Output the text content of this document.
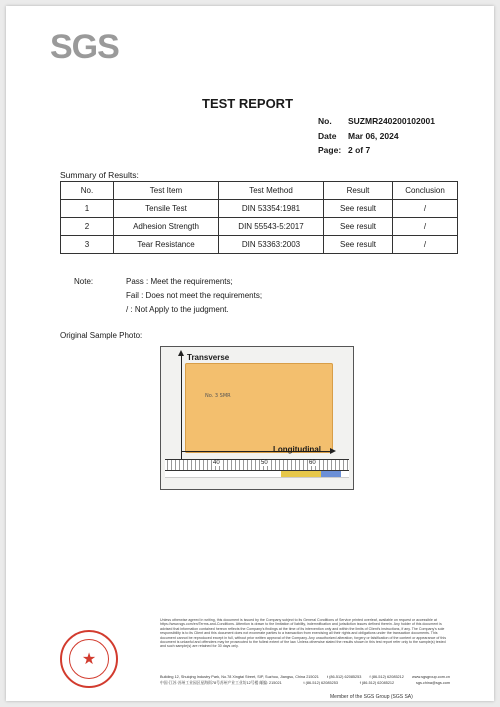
SGS
TEST REPORT
No.	SUZMR240200102001
Date	Mar 06, 2024
Page: 2 of 7
Summary of Results:
No.	Test Item	Test Method	Result	Conclusion
1	Tensile Test	DIN 53354:1981	See result	/
2	Adhesion Strength	DIN 55543-5:2017	See result	/
3	Tear Resistance	DIN 53363:2003	See result	/
Note:	Pass : Meet the requirements;
Fail : Does not meet the requirements;
/ : Not Apply to the judgment.
Original Sample Photo:
No. 3 SMR
Transverse
Longitudinal
40	50	60
★
Unless otherwise agreed in writing, this document is issued by the Company subject to its General Conditions of Service printed overleaf, available on request or accessible at https://www.sgs.com/en/Terms-and-Conditions. Attention is drawn to the limitation of liability, indemnification and jurisdiction issues defined therein. Any holder of this document is advised that information contained hereon reflects the Company's findings at the time of its intervention only and within the limits of Client's instructions, if any. The Company's sole responsibility is to its Client and this document does not exonerate parties to a transaction from exercising all their rights and obligations under the transaction documents. This document cannot be reproduced except in full, without prior written approval of the Company. Any unauthorized alteration, forgery or falsification of the content or appearance of this document is unlawful and offenders may be prosecuted to the fullest extent of the law. Unless otherwise stated the results shown in this test report refer only to the sample(s) tested and such sample(s) are retained for 30 days only.
Building 12, Shuiqing Industry Park, No.78 Xingtai Street, SIP, Suzhou, Jiangsu, China 215021 t (86-512) 62085253 f (86-512) 62085212 www.sgsgroup.com.cn
中国·江苏·苏州工业园区星海街78号苏州产业工业坊12号楼 邮编: 215021	t (86-512) 62085253	f (86-512) 62085212	sgs.china@sgs.com
Member of the SGS Group (SGS SA)
